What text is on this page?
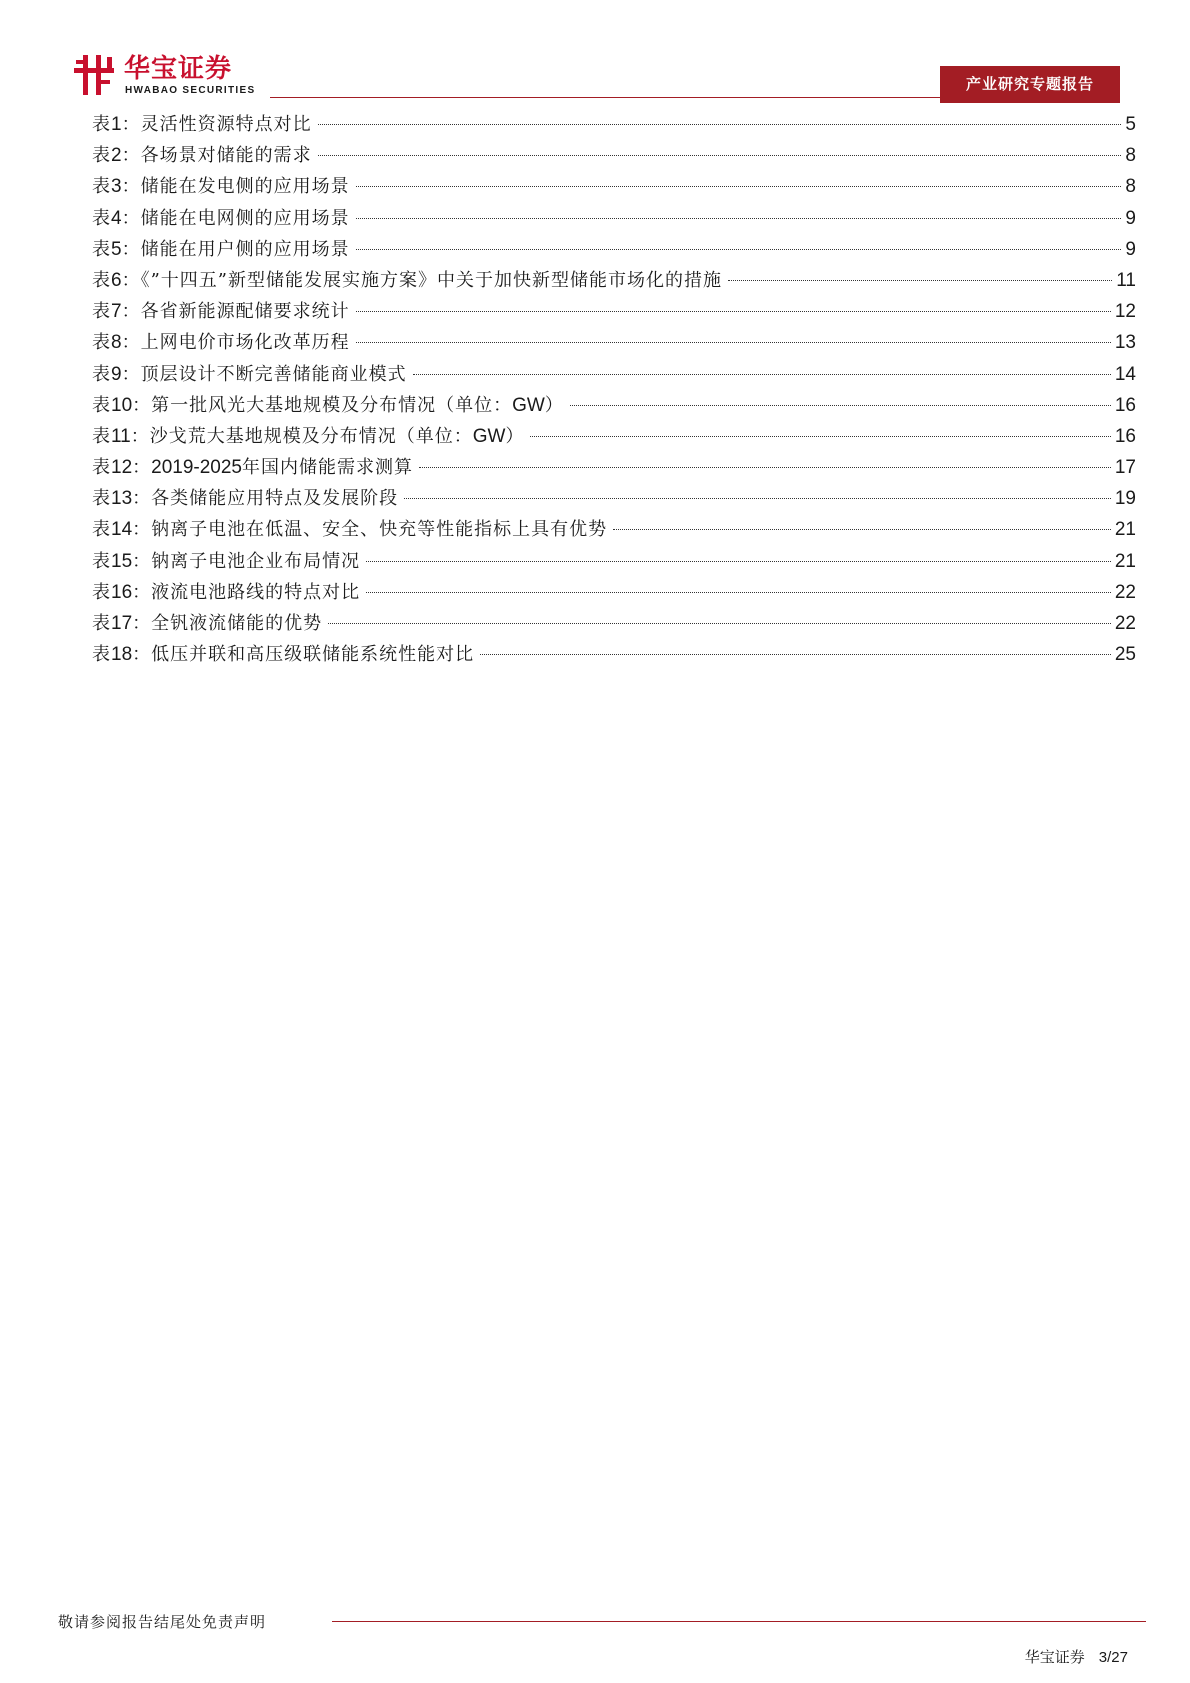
华宝证券
HWABAO SECURITIES	产业研究专题报告
表1：灵活性资源特点对比	5
表2：各场景对储能的需求	8
表3：储能在发电侧的应用场景	8
表4：储能在电网侧的应用场景	9
表5：储能在用户侧的应用场景	9
表6：《”十四五”新型储能发展实施方案》中关于加快新型储能市场化的措施	11
表7：各省新能源配储要求统计	12
表8：上网电价市场化改革历程	13
表9：顶层设计不断完善储能商业模式	14
表10：第一批风光大基地规模及分布情况（单位：GW）	16
表11：沙戈荒大基地规模及分布情况（单位：GW）	16
表12：2019-2025年国内储能需求测算	17
表13：各类储能应用特点及发展阶段	19
表14：钠离子电池在低温、安全、快充等性能指标上具有优势	21
表15：钠离子电池企业布局情况	21
表16：液流电池路线的特点对比	22
表17：全钒液流储能的优势	22
表18：低压并联和高压级联储能系统性能对比	25
敬请参阅报告结尾处免责声明
华宝证券 3/27
